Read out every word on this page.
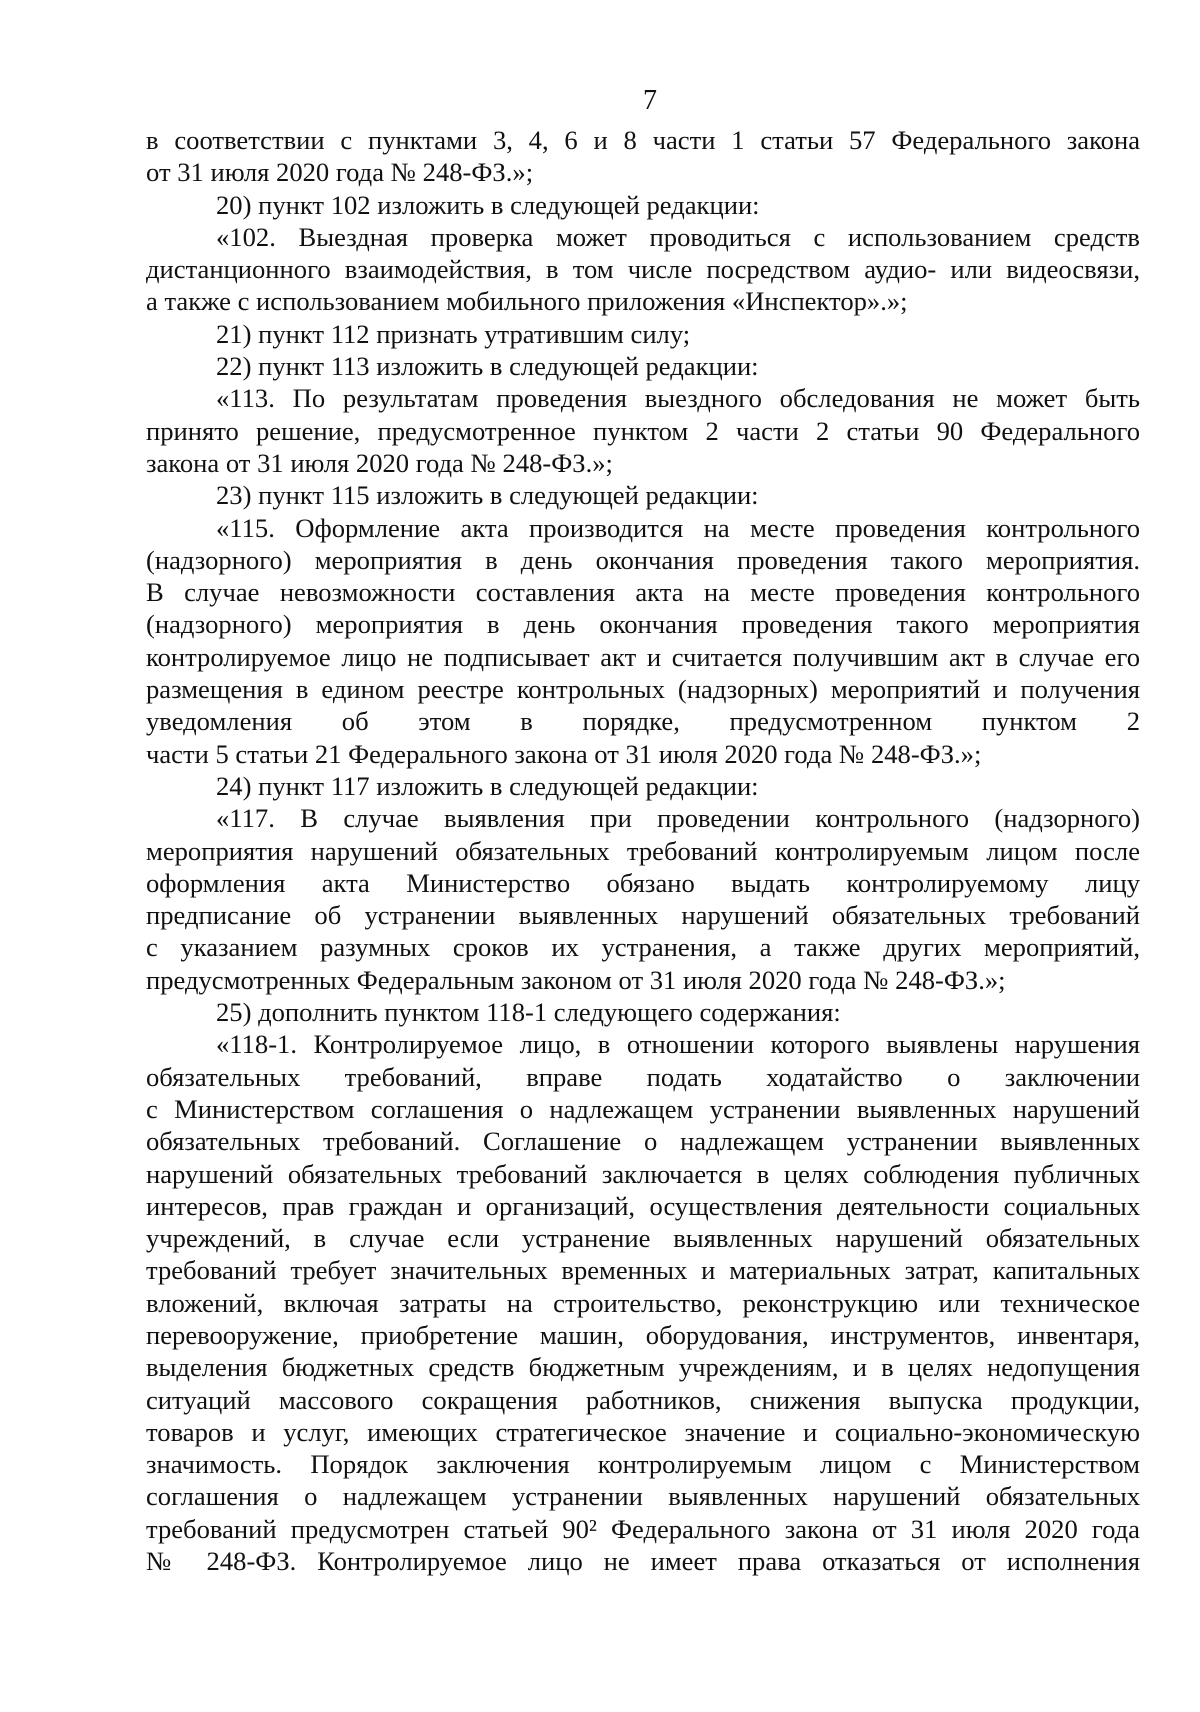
7
в соответствии с пунктами 3, 4, 6 и 8 части 1 статьи 57 Федерального закона
от 31 июля 2020 года № 248-ФЗ.»;
20) пункт 102 изложить в следующей редакции:
«102. Выездная проверка может проводиться с использованием средств
дистанционного взаимодействия, в том числе посредством аудио- или видеосвязи,
а также с использованием мобильного приложения «Инспектор».»;
21) пункт 112 признать утратившим силу;
22) пункт 113 изложить в следующей редакции:
«113. По результатам проведения выездного обследования не может быть
принято решение, предусмотренное пунктом 2 части 2 статьи 90 Федерального
закона от 31 июля 2020 года № 248-ФЗ.»;
23) пункт 115 изложить в следующей редакции:
«115. Оформление акта производится на месте проведения контрольного
(надзорного) мероприятия в день окончания проведения такого мероприятия.
В случае невозможности составления акта на месте проведения контрольного
(надзорного) мероприятия в день окончания проведения такого мероприятия
контролируемое лицо не подписывает акт и считается получившим акт в случае его
размещения в едином реестре контрольных (надзорных) мероприятий и получения
уведомления об этом в порядке, предусмотренном пунктом 2
части 5 статьи 21 Федерального закона от 31 июля 2020 года № 248-ФЗ.»;
24) пункт 117 изложить в следующей редакции:
«117. В случае выявления при проведении контрольного (надзорного)
мероприятия нарушений обязательных требований контролируемым лицом после
оформления акта Министерство обязано выдать контролируемому лицу
предписание об устранении выявленных нарушений обязательных требований
с указанием разумных сроков их устранения, а также других мероприятий,
предусмотренных Федеральным законом от 31 июля 2020 года № 248-ФЗ.»;
25) дополнить пунктом 118-1 следующего содержания:
«118-1. Контролируемое лицо, в отношении которого выявлены нарушения
обязательных требований, вправе подать ходатайство о заключении
с Министерством соглашения о надлежащем устранении выявленных нарушений
обязательных требований. Соглашение о надлежащем устранении выявленных
нарушений обязательных требований заключается в целях соблюдения публичных
интересов, прав граждан и организаций, осуществления деятельности социальных
учреждений, в случае если устранение выявленных нарушений обязательных
требований требует значительных временных и материальных затрат, капитальных
вложений, включая затраты на строительство, реконструкцию или техническое
перевооружение, приобретение машин, оборудования, инструментов, инвентаря,
выделения бюджетных средств бюджетным учреждениям, и в целях недопущения
ситуаций массового сокращения работников, снижения выпуска продукции,
товаров и услуг, имеющих стратегическое значение и социально-экономическую
значимость. Порядок заключения контролируемым лицом с Министерством
соглашения о надлежащем устранении выявленных нарушений обязательных
требований предусмотрен статьей 90² Федерального закона от 31 июля 2020 года
№ 248-ФЗ. Контролируемое лицо не имеет права отказаться от исполнения
